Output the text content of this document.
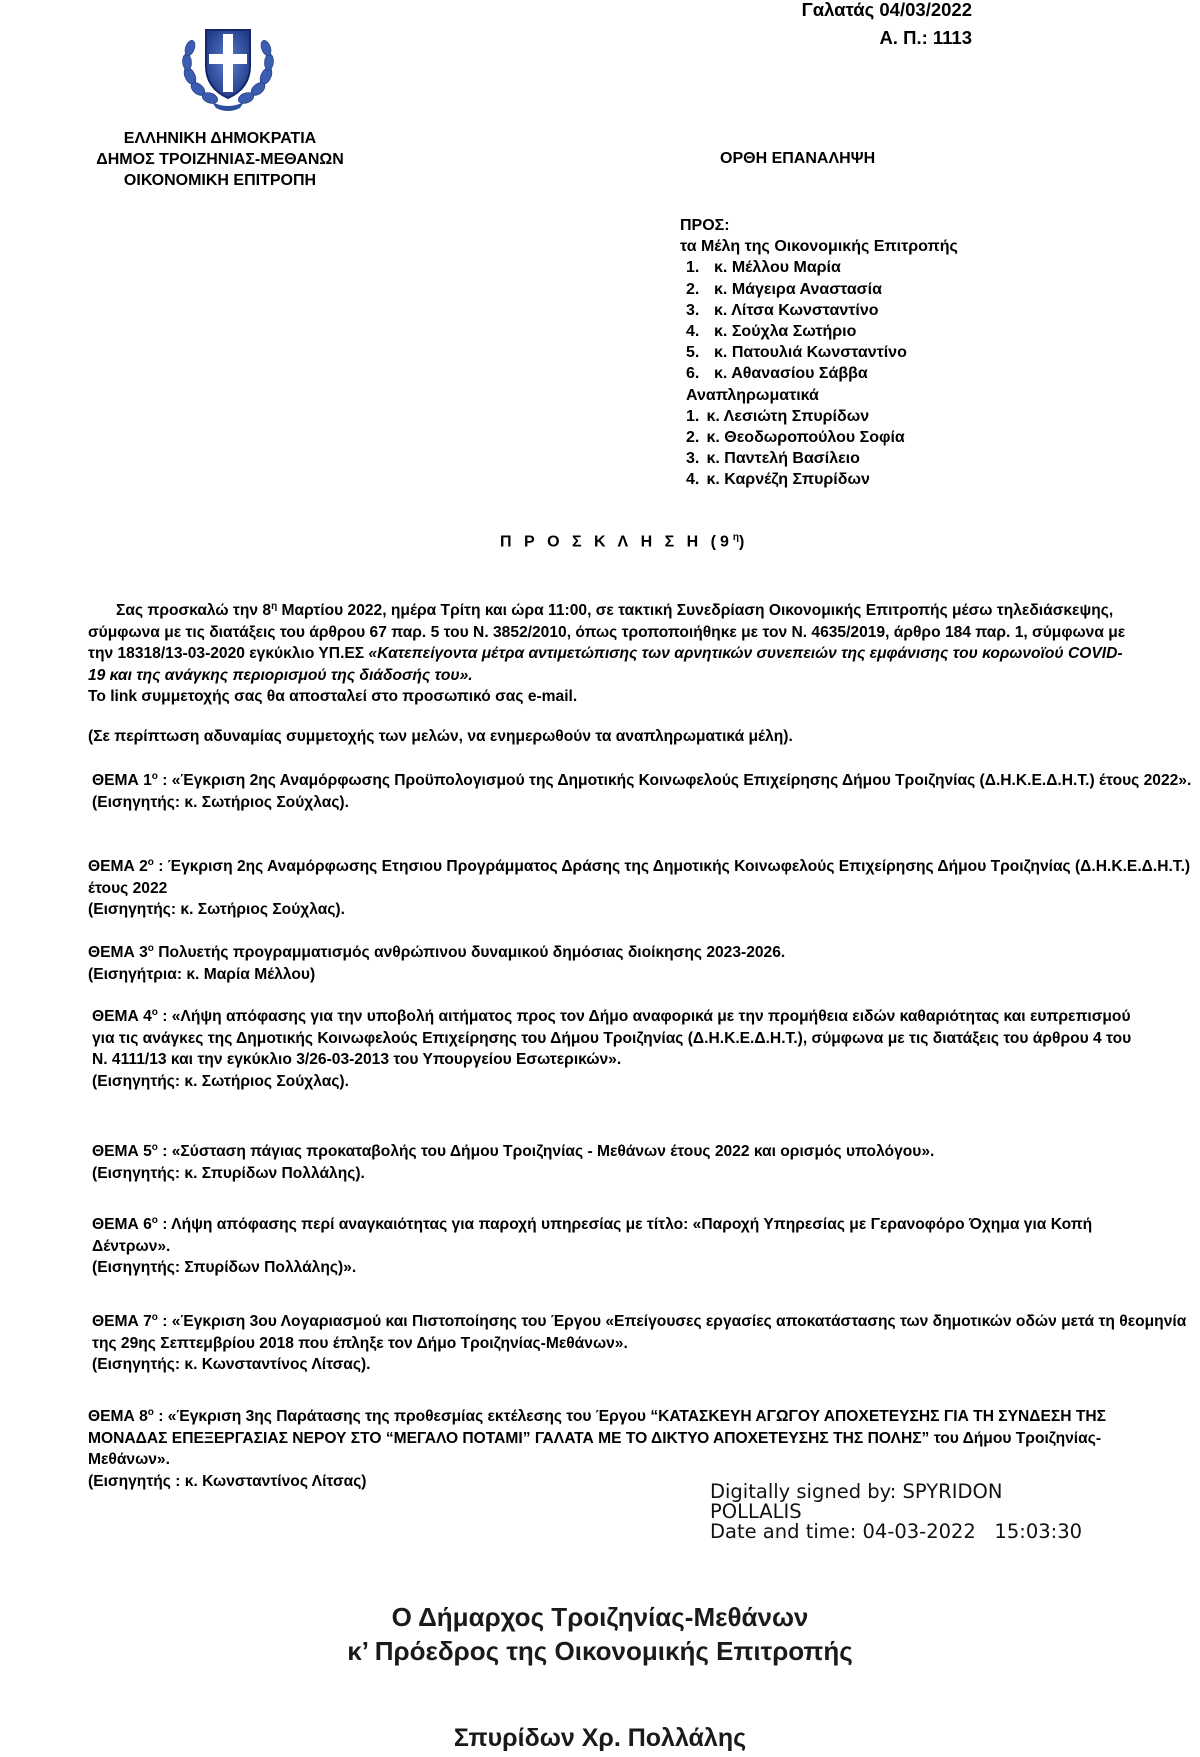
Γαλατάς 04/03/2022
Α. Π.: 1113
ΕΛΛΗΝΙΚΗ ΔΗΜΟΚΡΑΤΙΑ
ΔΗΜΟΣ ΤΡΟΙΖΗΝΙΑΣ-ΜΕΘΑΝΩΝ
ΟΙΚΟΝΟΜΙΚΗ ΕΠΙΤΡΟΠΗ
ΟΡΘΗ ΕΠΑΝΑΛΗΨΗ
ΠΡΟΣ:
τα Μέλη της Οικονομικής Επιτροπής
1. κ. Μέλλου Μαρία
2. κ. Μάγειρα Αναστασία
3. κ. Λίτσα Κωνσταντίνο
4. κ. Σούχλα Σωτήριο
5. κ. Πατουλιά Κωνσταντίνο
6. κ. Αθανασίου Σάββα
Αναπληρωματικά
1. κ. Λεσιώτη Σπυρίδων
2. κ. Θεοδωροπούλου Σοφία
3. κ. Παντελή Βασίλειο
4. κ. Καρνέζη Σπυρίδων
Π Ρ Ο Σ Κ Λ Η Σ Η $(9^\eta)$
Σας προσκαλώ την $8^\eta$ Μαρτίου 2022, ημέρα Τρίτη και ώρα 11:00, σε τακτική Συνεδρίαση Οικονομικής Επιτροπής μέσω τηλεδιάσκεψης, σύμφωνα με τις διατάξεις του άρθρου 67 παρ. 5 του Ν. 3852/2010, όπως τροποποιήθηκε με τον Ν. 4635/2019, άρθρο 184 παρ. 1, σύμφωνα με την 18318/13-03-2020 εγκύκλιο ΥΠ.ΕΣ «Κατεπείγοντα μέτρα αντιμετώπισης των αρνητικών συνεπειών της εμφάνισης του κορωνοϊού COVID-19 και της ανάγκης περιορισμού της διάδοσής του».
Το link συμμετοχής σας θα αποσταλεί στο προσωπικό σας e-mail.
(Σε περίπτωση αδυναμίας συμμετοχής των μελών, να ενημερωθούν τα αναπληρωματικά μέλη).
ΘΕΜΑ $1^o$ : «Έγκριση 2ης Αναμόρφωσης Προϋπολογισμού της Δημοτικής Κοινωφελούς Επιχείρησης Δήμου Τροιζηνίας (Δ.Η.Κ.Ε.Δ.Η.Τ.) έτους 2022».
(Εισηγητής: κ. Σωτήριος Σούχλας).
ΘΕΜΑ $2^o$ : Έγκριση 2ης Αναμόρφωσης Ετησιου Προγράμματος Δράσης της Δημοτικής Κοινωφελούς Επιχείρησης Δήμου Τροιζηνίας (Δ.Η.Κ.Ε.Δ.Η.Τ.) έτους 2022
(Εισηγητής: κ. Σωτήριος Σούχλας).
ΘΕΜΑ $3^o$ Πολυετής προγραμματισμός ανθρώπινου δυναμικού δημόσιας διοίκησης 2023-2026.
(Εισηγήτρια: κ. Μαρία Μέλλου)
ΘΕΜΑ $4^o$ : «Λήψη απόφασης για την υποβολή αιτήματος προς τον Δήμο αναφορικά με την προμήθεια ειδών καθαριότητας και ευπρεπισμού για τις ανάγκες της Δημοτικής Κοινωφελούς Επιχείρησης του Δήμου Τροιζηνίας (Δ.Η.Κ.Ε.Δ.Η.Τ.), σύμφωνα με τις διατάξεις του άρθρου 4 του Ν. 4111/13 και την εγκύκλιο 3/26-03-2013 του Υπουργείου Εσωτερικών».
(Εισηγητής: κ. Σωτήριος Σούχλας).
ΘΕΜΑ $5^o$ : «Σύσταση πάγιας προκαταβολής του Δήμου Τροιζηνίας - Μεθάνων έτους 2022 και ορισμός υπολόγου».
(Εισηγητής: κ. Σπυρίδων Πολλάλης).
ΘΕΜΑ $6^o$ : Λήψη απόφασης περί αναγκαιότητας για παροχή υπηρεσίας με τίτλο: «Παροχή Υπηρεσίας με Γερανοφόρο Όχημα για Κοπή Δέντρων».
(Εισηγητής: Σπυρίδων Πολλάλης)».
ΘΕΜΑ $7^o$ : «Έγκριση 3ου Λογαριασμού και Πιστοποίησης του Έργου «Επείγουσες εργασίες αποκατάστασης των δημοτικών οδών μετά τη θεομηνία της 29ης Σεπτεμβρίου 2018 που έπληξε τον Δήμο Τροιζηνίας-Μεθάνων».
(Εισηγητής: κ. Κωνσταντίνος Λίτσας).
ΘΕΜΑ $8^o$ : «Έγκριση 3ης Παράτασης της προθεσμίας εκτέλεσης του Έργου “ΚΑΤΑΣΚΕΥΗ ΑΓΩΓΟΥ ΑΠΟΧΕΤΕΥΣΗΣ ΓΙΑ ΤΗ ΣΥΝΔΕΣΗ ΤΗΣ ΜΟΝΑΔΑΣ ΕΠΕΞΕΡΓΑΣΙΑΣ ΝΕΡΟΥ ΣΤΟ “ΜΕΓΑΛΟ ΠΟΤΑΜΙ” ΓΑΛΑΤΑ ΜΕ ΤΟ ΔΙΚΤΥΟ ΑΠΟΧΕΤΕΥΣΗΣ ΤΗΣ ΠΟΛΗΣ” του Δήμου Τροιζηνίας-Μεθάνων».
(Εισηγητής : κ. Κωνσταντίνος Λίτσας)	Digitally signed by: SPYRIDON
POLLALIS
Date and time: 04-03-2022   15:03:30
Ο Δήμαρχος Τροιζηνίας-Μεθάνων
κ’ Πρόεδρος της Οικονομικής Επιτροπής
Σπυρίδων Χρ. Πολλάλης
